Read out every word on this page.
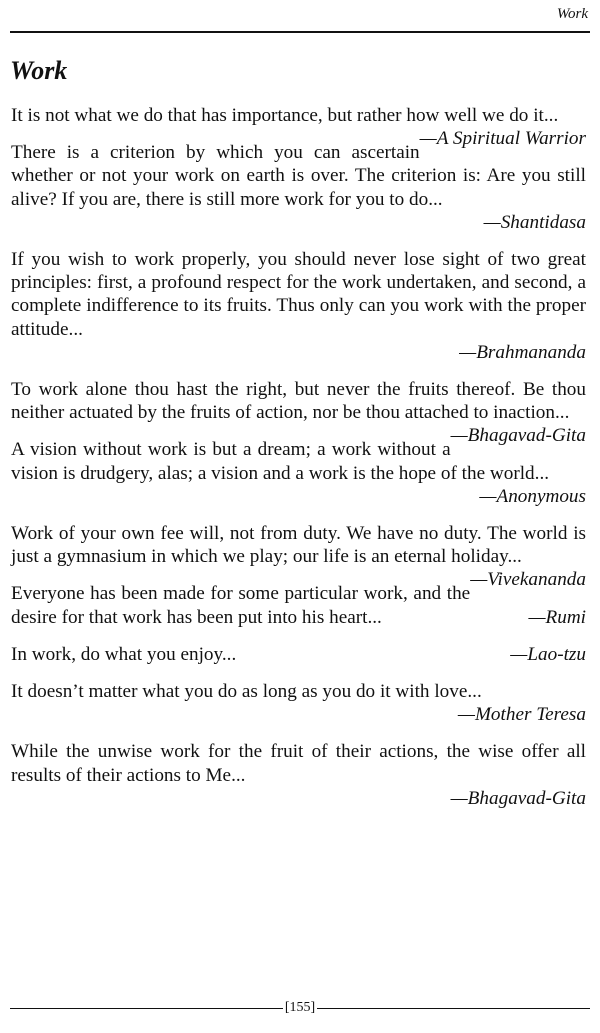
Work
Work

It is not what we do that has importance, but rather how well we do it...
—A Spiritual Warrior

There is a criterion by which you can ascertain whether or not your work on earth is over. The criterion is: Are you still alive? If you are, there is still more work for you to do...

—Shantidasa

If you wish to work properly, you should never lose sight of two great principles: first, a profound respect for the work undertaken, and second, a complete indifference to its fruits. Thus only can you work with the proper attitude...

—Brahmananda

To work alone thou hast the right, but never the fruits thereof. Be thou neither actuated by the fruits of action, nor be thou attached to inaction...
—Bhagavad-Gita

A vision without work is but a dream; a work without a vision is drudgery, alas; a vision and a work is the hope of the world...

—Anonymous

Work of your own fee will, not from duty. We have no duty. The world is just a gymnasium in which we play; our life is an eternal holiday...
—Vivekananda

Everyone has been made for some particular work, and the desire for that work has been put into his heart...	—Rumi

In work, do what you enjoy...	—Lao-tzu

It doesn’t matter what you do as long as you do it with love...

—Mother Teresa

While the unwise work for the fruit of their actions, the wise offer all results of their actions to Me...

—Bhagavad-Gita
[155]
